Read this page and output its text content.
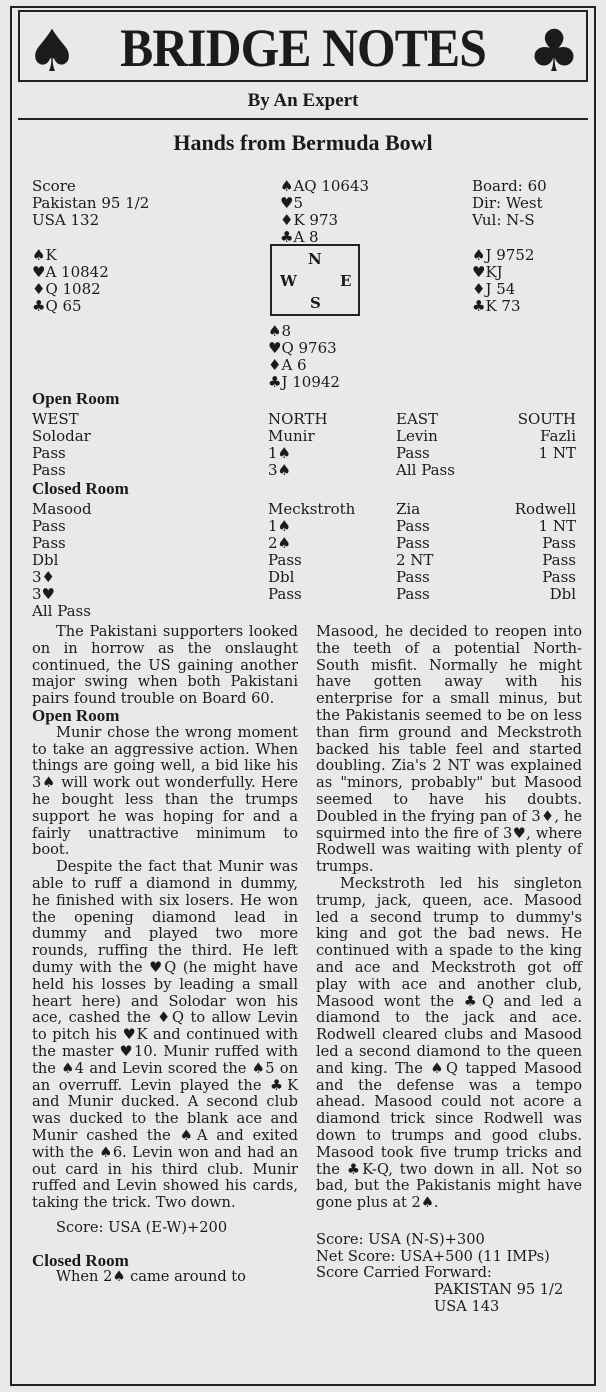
♠ BRIDGE NOTES ♣
By An Expert
Hands from Bermuda Bowl
Score
Pakistan 95 1/2
USA 132
♠AQ 10643
♥5
♦K 973
♣A 8
Board: 60
Dir: West
Vul: N-S
♠K
♥A 10842
♦Q 1082
♣Q 65
N
W	E
S
♠J 9752
♥KJ
♦J 54
♣K 73
♠8
♥Q 9763
♦A 6
♣J 10942
Open Room
WEST	NORTH	EAST	SOUTH
Solodar	Munir	Levin	Fazli
Pass	1♠	Pass	1 NT
Pass	3♠	All Pass
Closed Room
Masood	Meckstroth	Zia	Rodwell
Pass	1♠	Pass	1 NT
Pass	2♠	Pass	Pass
Dbl	Pass	2 NT	Pass
3♦	Dbl	Pass	Pass
3♥	Pass	Pass	Dbl
All Pass

The Pakistani supporters looked on in horrow as the onslaught continued, the US gaining another major swing when both Pakistani pairs found trouble on Board 60.

Open Room

Munir chose the wrong moment to take an aggressive action. When things are going well, a bid like his 3♠ will work out wonderfully. Here he bought less than the trumps support he was hoping for and a fairly unattractive minimum to boot.

Despite the fact that Munir was able to ruff a diamond in dummy, he finished with six losers. He won the opening diamond lead in dummy and played two more rounds, ruffing the third. He left dumy with the ♥Q (he might have held his losses by leading a small heart here) and Solodar won his ace, cashed the ♦Q to allow Levin to pitch his ♥K and continued with the master ♥10. Munir ruffed with the ♠4 and Levin scored the ♠5 on an overruff. Levin played the ♣K and Munir ducked. A second club was ducked to the blank ace and Munir cashed the ♠A and exited with the ♠6. Levin won and had an out card in his third club. Munir ruffed and Levin showed his cards, taking the trick. Two down.

Score: USA (E-W)+200

Closed Room

When 2♠ came around to

Masood, he decided to reopen into the teeth of a potential North-South misfit. Normally he might have gotten away with his enterprise for a small minus, but the Pakistanis seemed to be on less than firm ground and Meckstroth backed his table feel and started doubling. Zia's 2 NT was explained as "minors, probably" but Masood seemed to have his doubts. Doubled in the frying pan of 3♦, he squirmed into the fire of 3♥, where Rodwell was waiting with plenty of trumps.

Meckstroth led his singleton trump, jack, queen, ace. Masood led a second trump to dummy's king and got the bad news. He continued with a spade to the king and ace and Meckstroth got off play with ace and another club, Masood wont the ♣Q and led a diamond to the jack and ace. Rodwell cleared clubs and Masood led a second diamond to the queen and king. The ♠Q tapped Masood and the defense was a tempo ahead. Masood could not acore a diamond trick since Rodwell was down to trumps and good clubs. Masood took five trump tricks and the ♣K-Q, two down in all. Not so bad, but the Pakistanis might have gone plus at 2♠.

Score: USA (N-S)+300

Net Score: USA+500 (11 IMPs)

Score Carried Forward:

PAKISTAN 95 1/2

USA 143
